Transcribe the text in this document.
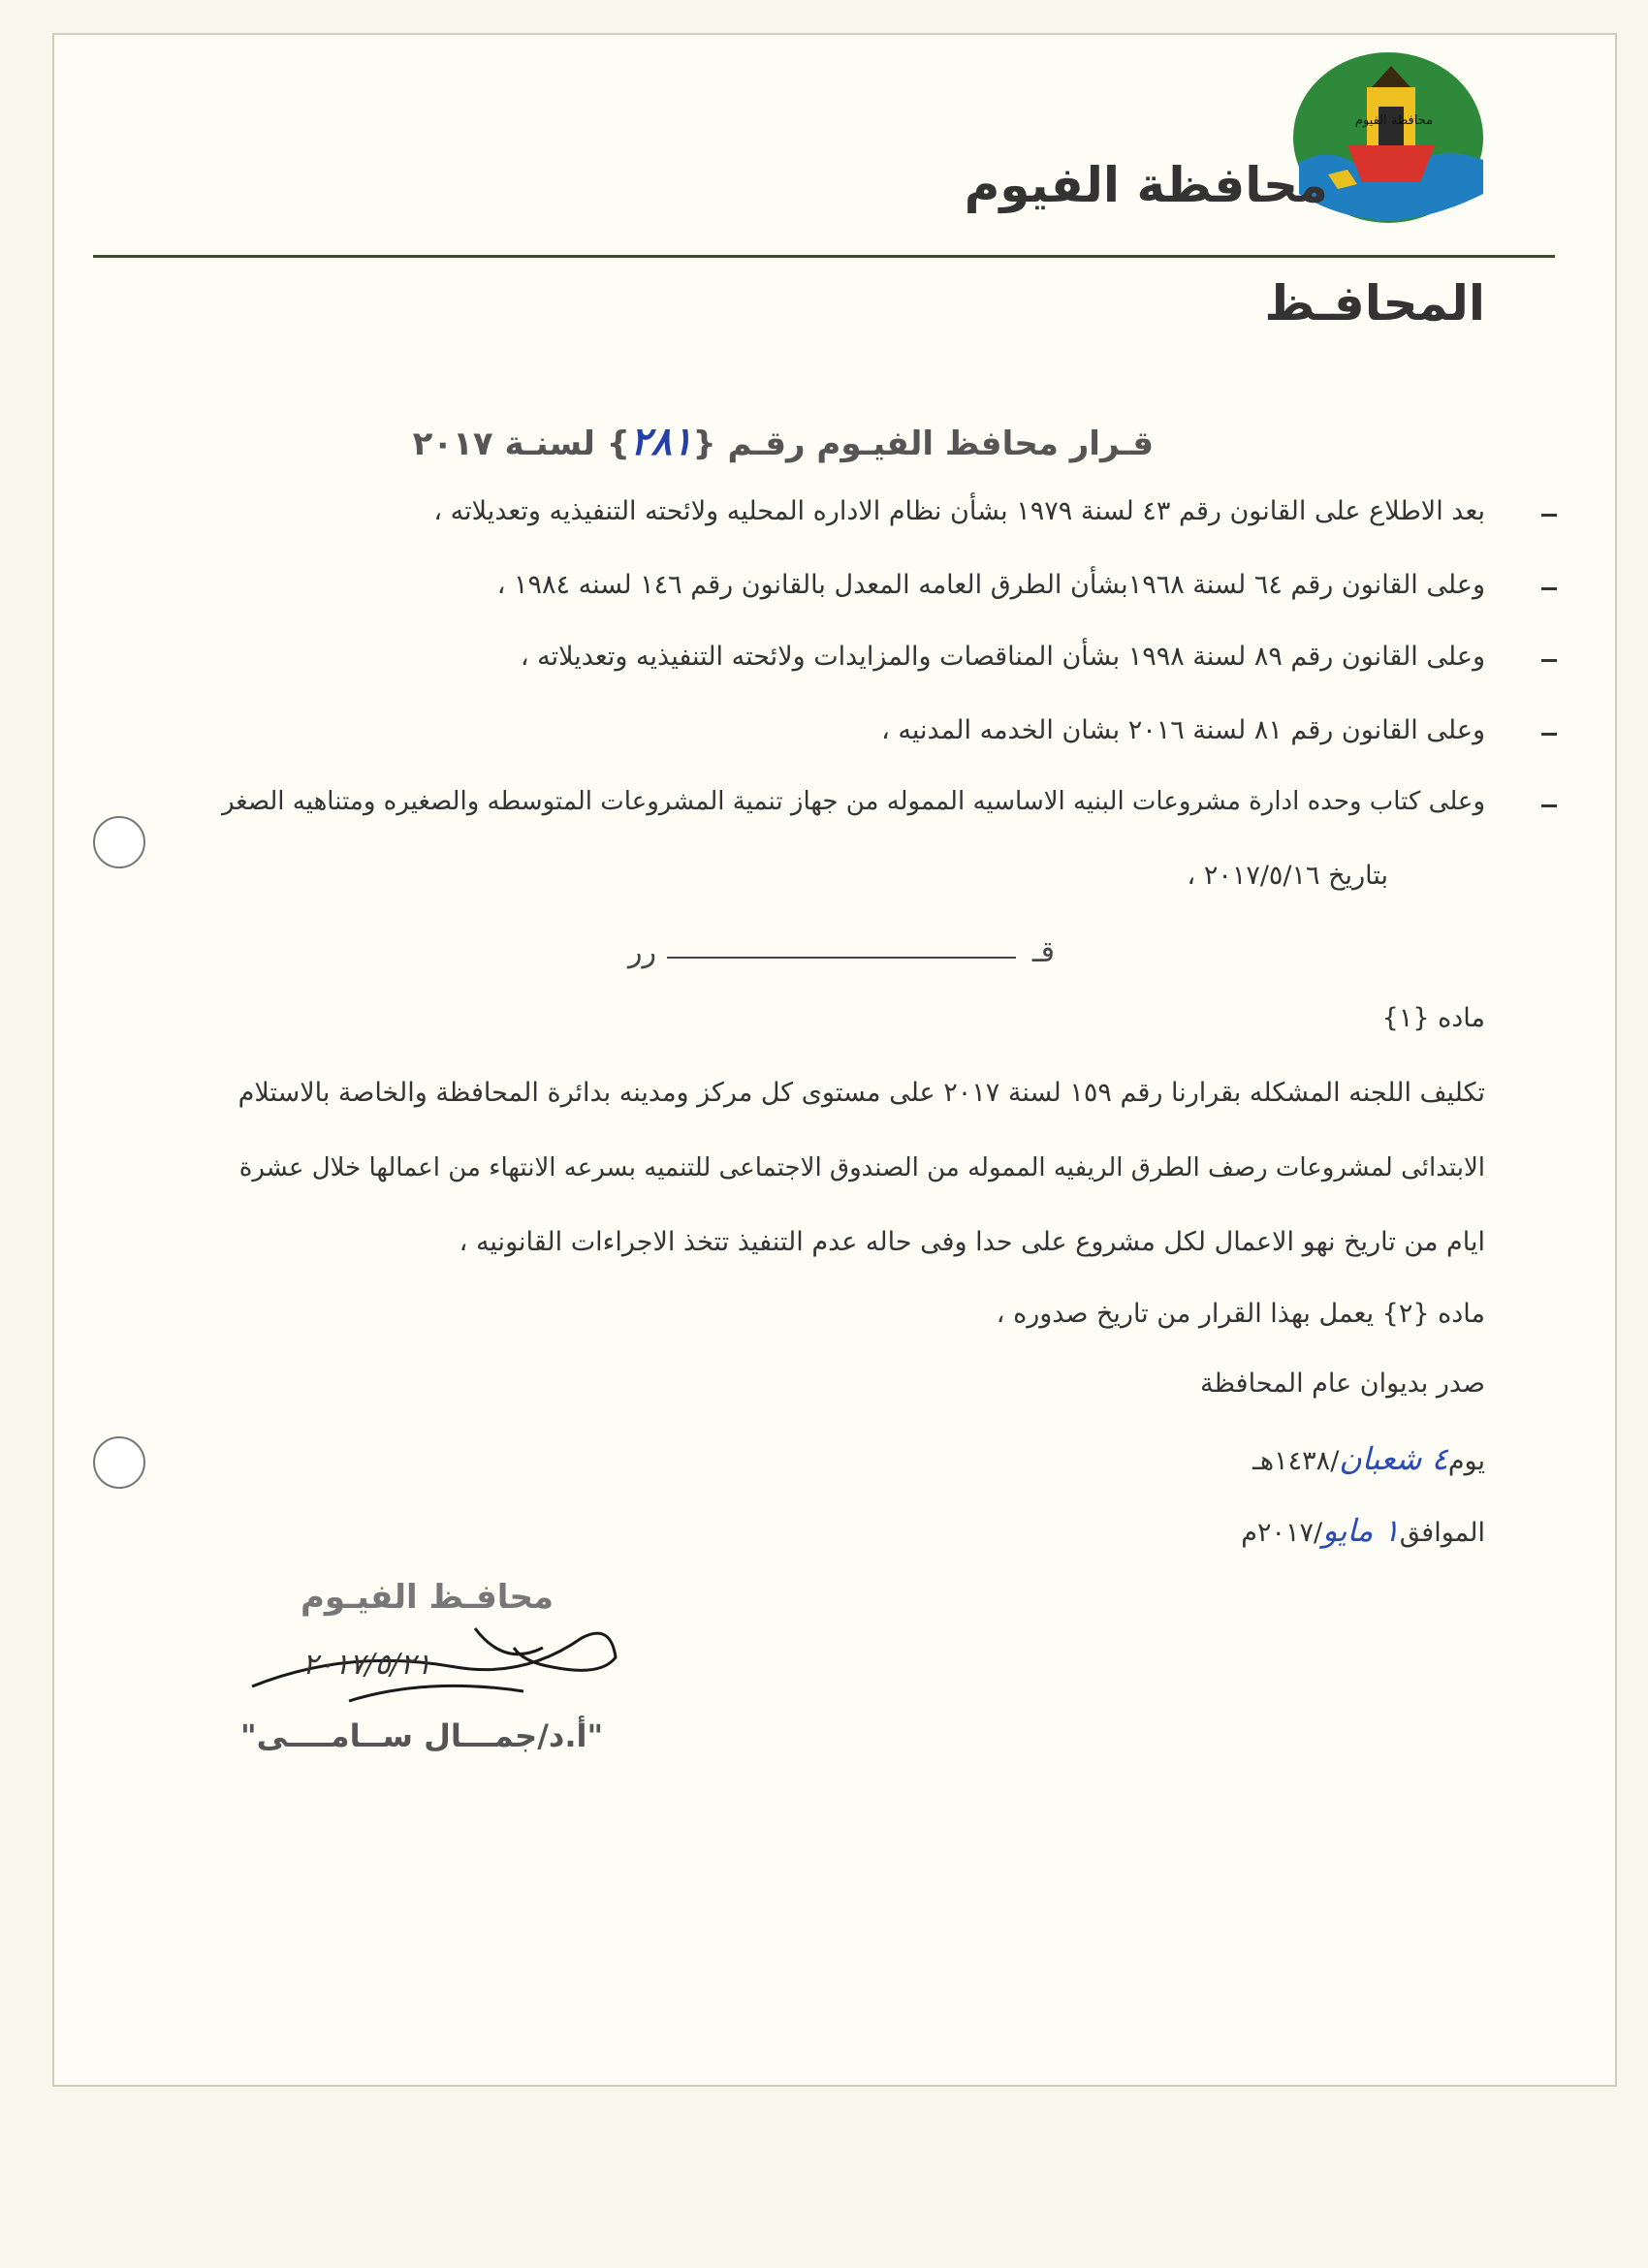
محافظة الفيوم
محافظة الفيوم
المحافـظ
قـرار محافظ الفيـوم رقـم {٢٨١} لسنـة ٢٠١٧
بعد الاطلاع على القانون رقم ٤٣ لسنة ١٩٧٩ بشأن نظام الاداره المحليه ولائحته التنفيذيه وتعديلاته ،
وعلى القانون رقم ٦٤ لسنة ١٩٦٨بشأن الطرق العامه المعدل بالقانون رقم ١٤٦ لسنه ١٩٨٤ ،
وعلى القانون رقم ٨٩ لسنة ١٩٩٨ بشأن المناقصات والمزايدات ولائحته التنفيذيه وتعديلاته ،
وعلى القانون رقم ٨١ لسنة ٢٠١٦ بشان الخدمه المدنيه ،
وعلى كتاب وحده ادارة مشروعات البنيه الاساسيه المموله من جهاز تنمية المشروعات المتوسطه والصغيره ومتناهيه الصغر
بتاريخ ٢٠١٧/٥/١٦ ،
قـ
رر
ماده {١}
تكليف اللجنه المشكله بقرارنا رقم ١٥٩ لسنة ٢٠١٧ على مستوى كل مركز ومدينه بدائرة المحافظة والخاصة بالاستلام
الابتدائى لمشروعات رصف الطرق الريفيه المموله من الصندوق الاجتماعى للتنميه بسرعه الانتهاء من اعمالها خلال عشرة
ايام من تاريخ نهو الاعمال لكل مشروع على حدا وفى حاله عدم التنفيذ تتخذ الاجراءات القانونيه ،
ماده {٢} يعمل بهذا القرار من تاريخ صدوره ،
صدر بديوان عام المحافظة
يوم٤ شعبان/١٤٣٨هـ
الموافق١ مايو/٢٠١٧م
محافـظ الفيـوم
٢٠١٧/٥/٢١
"أ.د/جمـــال ســامــــى"
